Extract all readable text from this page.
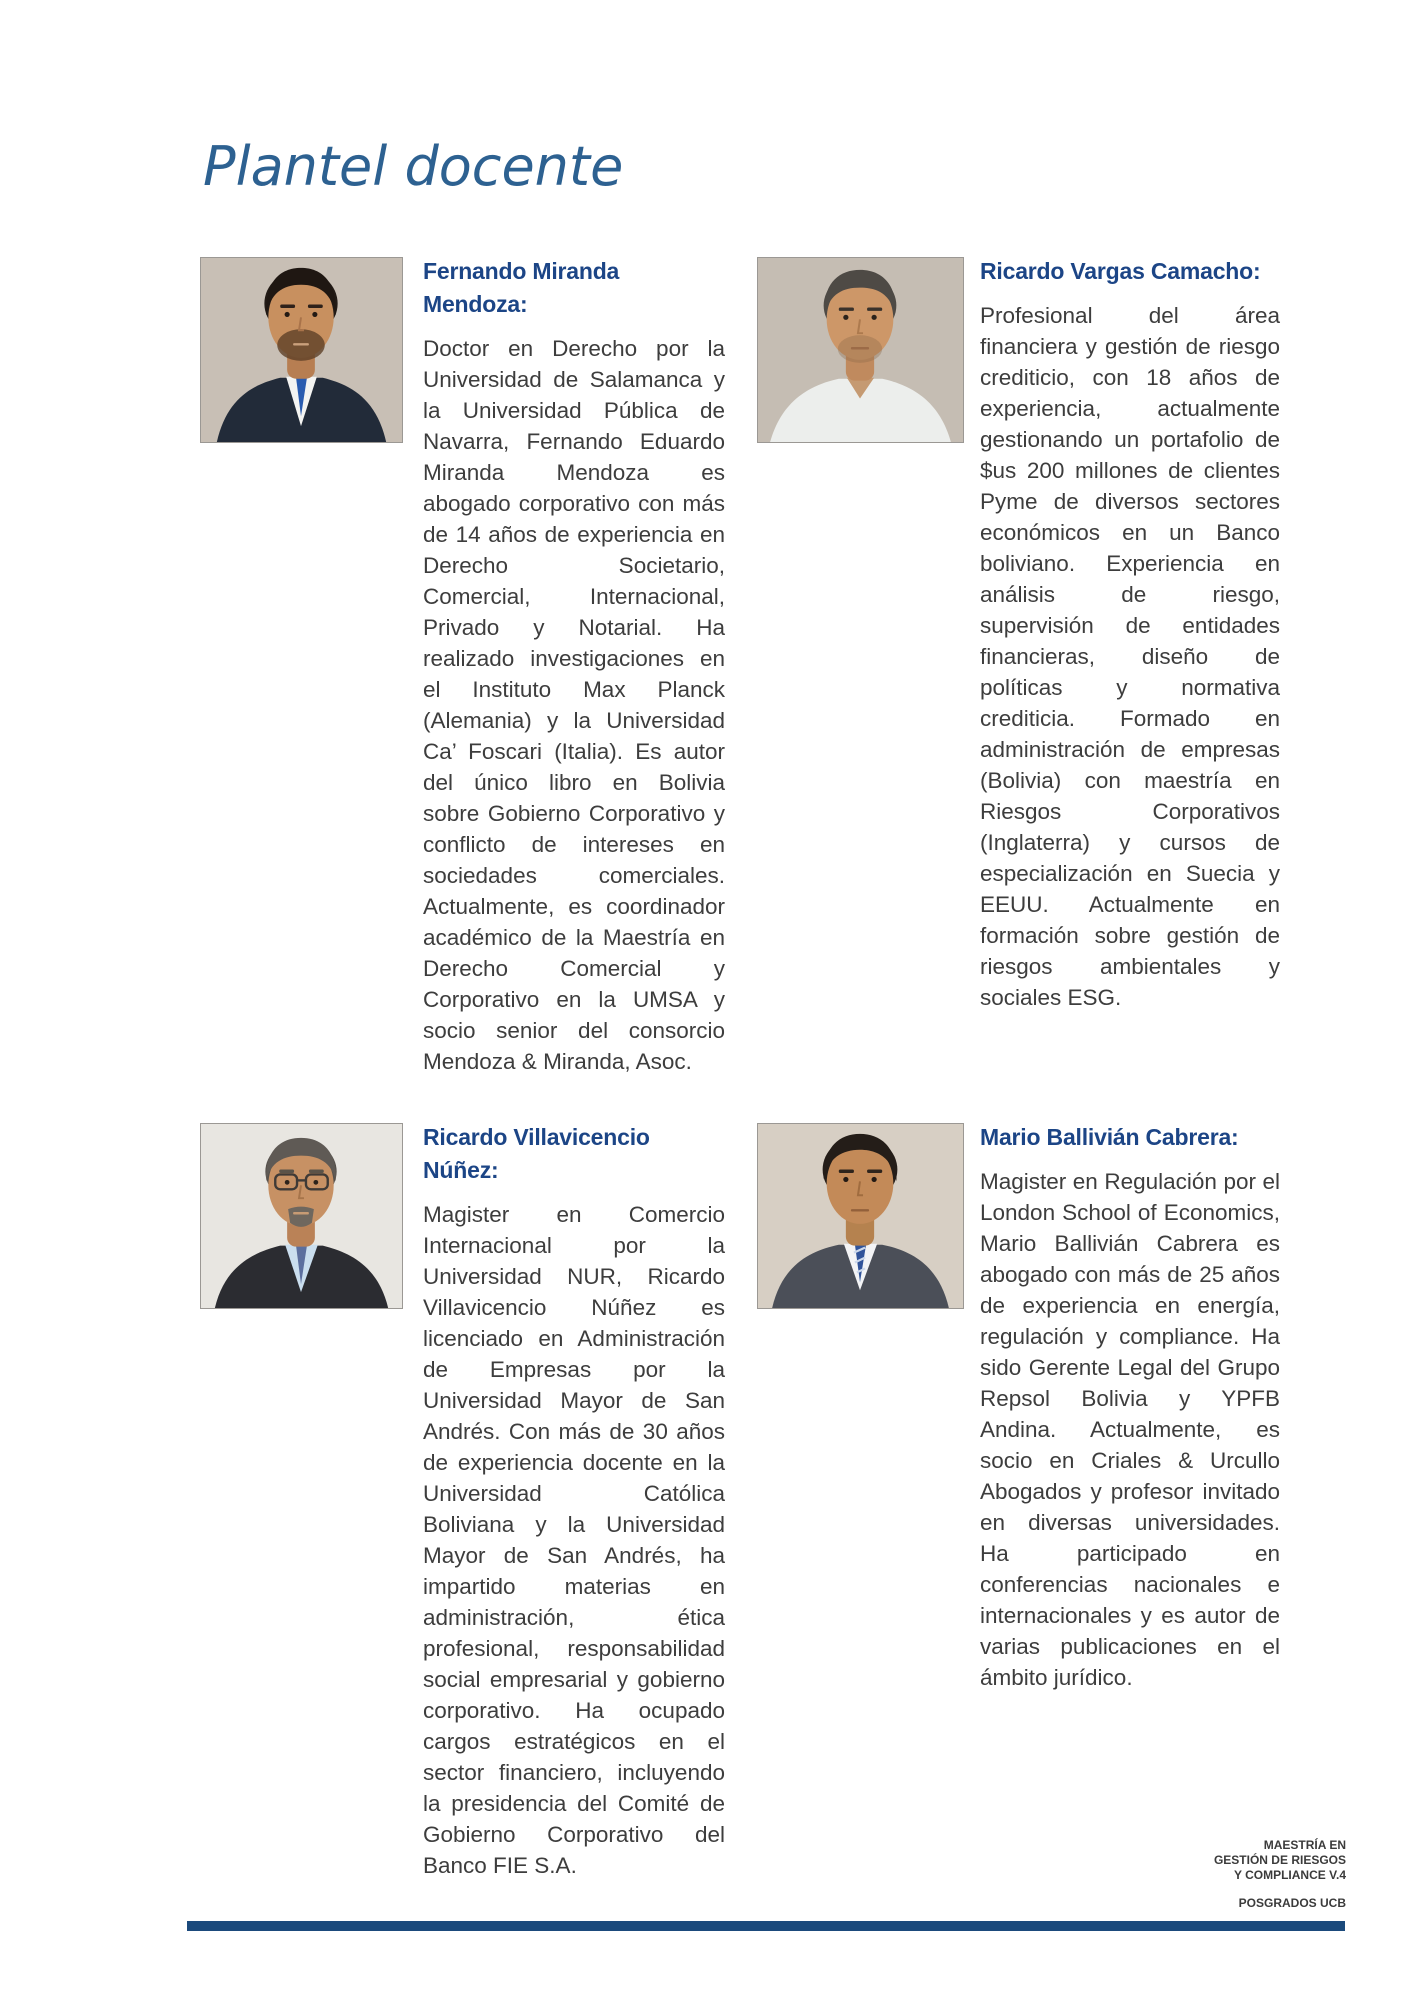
Plantel docente
Fernando Miranda Mendoza:

Doctor en Derecho por la Universidad de Salamanca y la Universidad Pública de Navarra, Fernando Eduardo Miranda Mendoza es abogado corporativo con más de 14 años de experiencia en Derecho Societario, Comercial, Internacional, Privado y Notarial. Ha realizado investigaciones en el Instituto Max Planck (Alemania) y la Universidad Ca’ Foscari (Italia). Es autor del único libro en Bolivia sobre Gobierno Corporativo y conflicto de intereses en sociedades comerciales. Actualmente, es coordinador académico de la Maestría en Derecho Comercial y Corporativo en la UMSA y socio senior del consorcio Mendoza & Miranda, Asoc.

Ricardo Vargas Camacho:

Profesional del área financiera y gestión de riesgo crediticio, con 18 años de experiencia, actualmente gestionando un portafolio de $us 200 millones de clientes Pyme de diversos sectores económicos en un Banco boliviano. Experiencia en análisis de riesgo, supervisión de entidades financieras, diseño de políticas y normativa crediticia. Formado en administración de empresas (Bolivia) con maestría en Riesgos Corporativos (Inglaterra) y cursos de especialización en Suecia y EEUU. Actualmente en formación sobre gestión de riesgos ambientales y sociales ESG.

Ricardo Villavicencio Núñez:

Magister en Comercio Internacional por la Universidad NUR, Ricardo Villavicencio Núñez es licenciado en Administración de Empresas por la Universidad Mayor de San Andrés. Con más de 30 años de experiencia docente en la Universidad Católica Boliviana y la Universidad Mayor de San Andrés, ha impartido materias en administración, ética profesional, responsabilidad social empresarial y gobierno corporativo. Ha ocupado cargos estratégicos en el sector financiero, incluyendo la presidencia del Comité de Gobierno Corporativo del Banco FIE S.A.

Mario Ballivián Cabrera:

Magister en Regulación por el London School of Economics, Mario Ballivián Cabrera es abogado con más de 25 años de experiencia en energía, regulación y compliance. Ha sido Gerente Legal del Grupo Repsol Bolivia y YPFB Andina. Actualmente, es socio en Criales & Urcullo Abogados y profesor invitado en diversas universidades. Ha participado en conferencias nacionales e internacionales y es autor de varias publicaciones en el ámbito jurídico.

MAESTRÍA EN
GESTIÓN DE RIESGOS
Y COMPLIANCE V.4
POSGRADOS UCB
